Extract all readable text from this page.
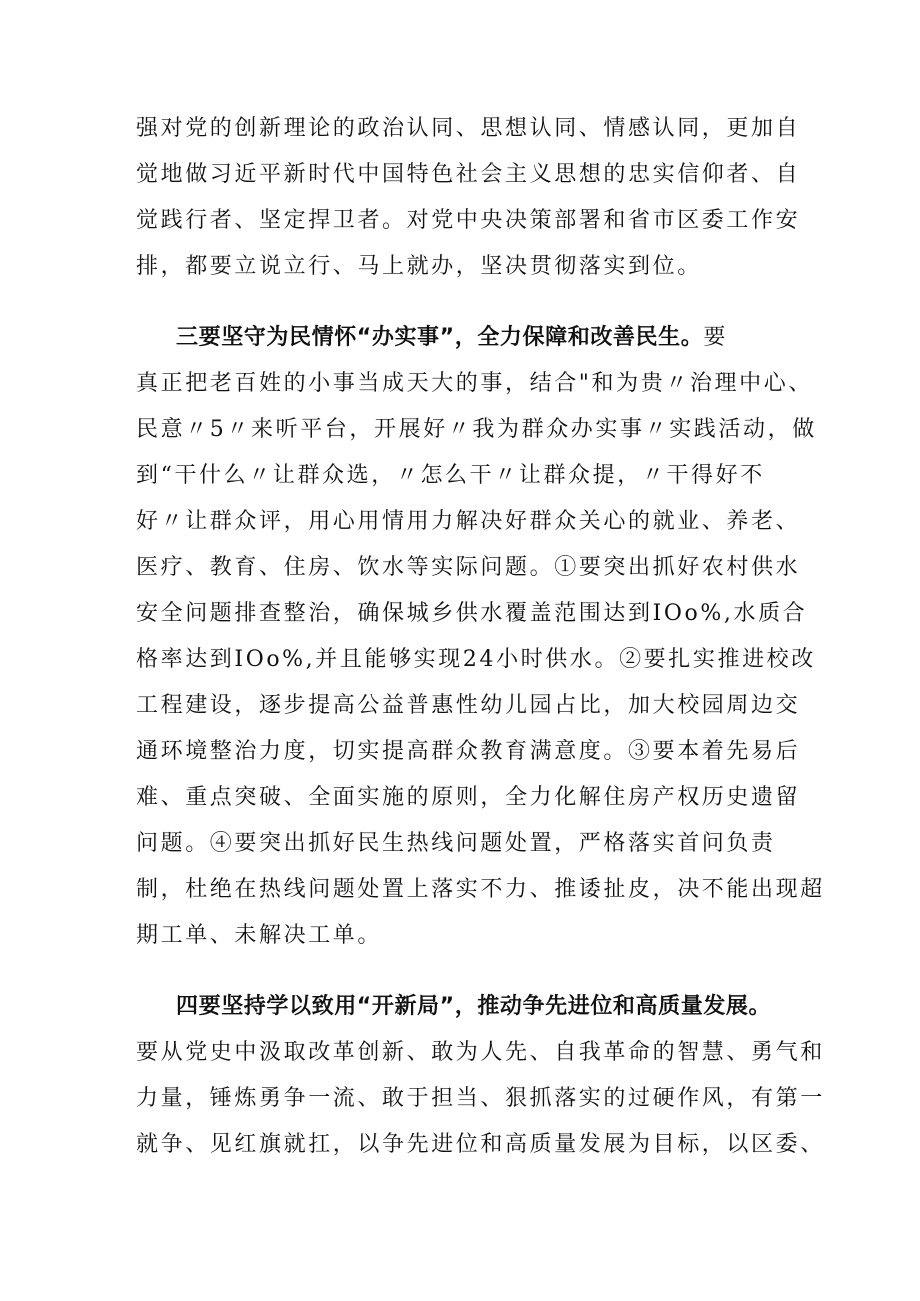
强对党的创新理论的政治认同、思想认同、情感认同，更加自
觉地做习近平新时代中国特色社会主义思想的忠实信仰者、自
觉践行者、坚定捍卫者。对党中央决策部署和省市区委工作安
排，都要立说立行、马上就办，坚决贯彻落实到位。
三要坚守为民情怀“办实事”，全力保障和改善民生。要
真正把老百姓的小事当成天大的事，结合"和为贵〃治理中心、
民意〃5〃来听平台，开展好〃我为群众办实事〃实践活动，做
到“干什么〃让群众选，〃怎么干〃让群众提，〃干得好不
好〃让群众评，用心用情用力解决好群众关心的就业、养老、
医疗、教育、住房、饮水等实际问题。①要突出抓好农村供水
安全问题排查整治，确保城乡供水覆盖范围达到IOo%,水质合
格率达到IOo%,并且能够实现24小时供水。②要扎实推进校改
工程建设，逐步提高公益普惠性幼儿园占比，加大校园周边交
通环境整治力度，切实提高群众教育满意度。③要本着先易后
难、重点突破、全面实施的原则，全力化解住房产权历史遗留
问题。④要突出抓好民生热线问题处置，严格落实首问负责
制，杜绝在热线问题处置上落实不力、推诿扯皮，决不能出现超
期工单、未解决工单。
四要坚持学以致用“开新局”，推动争先进位和高质量发展。
要从党史中汲取改革创新、敢为人先、自我革命的智慧、勇气和
力量，锤炼勇争一流、敢于担当、狠抓落实的过硬作风，有第一
就争、见红旗就扛，以争先进位和高质量发展为目标，以区委、
